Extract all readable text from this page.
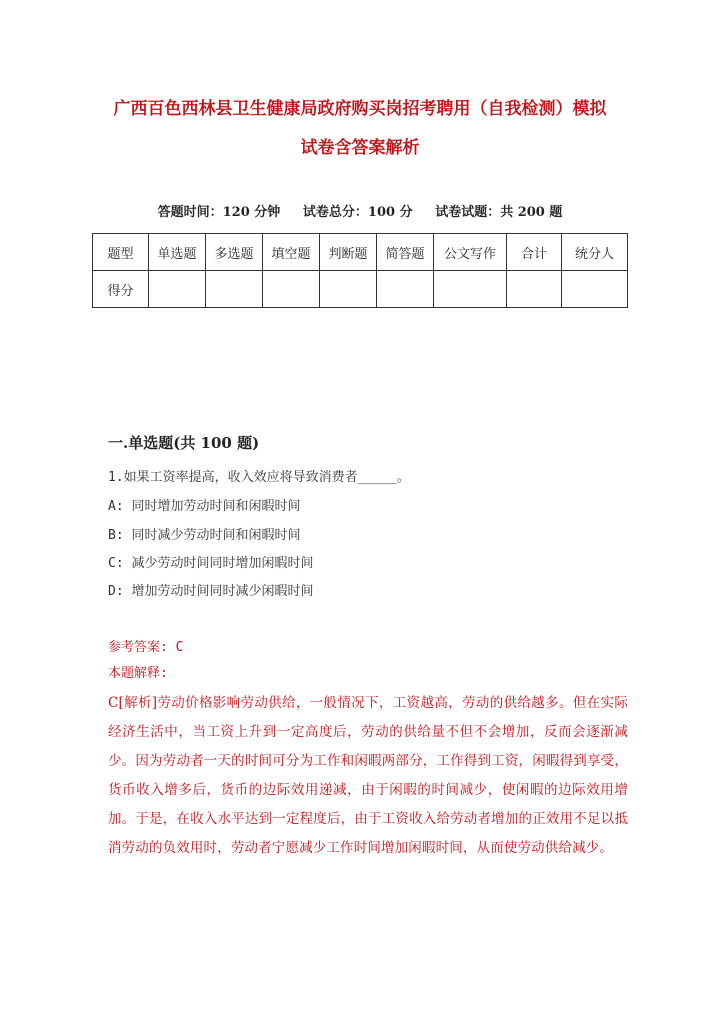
广西百色西林县卫生健康局政府购买岗招考聘用（自我检测）模拟
试卷含答案解析
答题时间：120 分钟     试卷总分：100 分     试卷试题：共 200 题
题型	单选题	多选题	填空题	判断题	简答题	公文写作	合计	统分人
得分								
一.单选题(共 100 题)
1.如果工资率提高，收入效应将导致消费者_____。
A: 同时增加劳动时间和闲暇时间
B: 同时减少劳动时间和闲暇时间
C: 减少劳动时间同时增加闲暇时间
D: 增加劳动时间同时减少闲暇时间
参考答案: C
本题解释:
C[解析]劳动价格影响劳动供给，一般情况下，工资越高，劳动的供给越多。但在实际经济生活中，当工资上升到一定高度后，劳动的供给量不但不会增加，反而会逐渐减少。因为劳动者一天的时间可分为工作和闲暇两部分，工作得到工资，闲暇得到享受，货币收入增多后，货币的边际效用递减，由于闲暇的时间减少，使闲暇的边际效用增加。于是，在收入水平达到一定程度后，由于工资收入给劳动者增加的正效用不足以抵消劳动的负效用时，劳动者宁愿减少工作时间增加闲暇时间，从而使劳动供给减少。
